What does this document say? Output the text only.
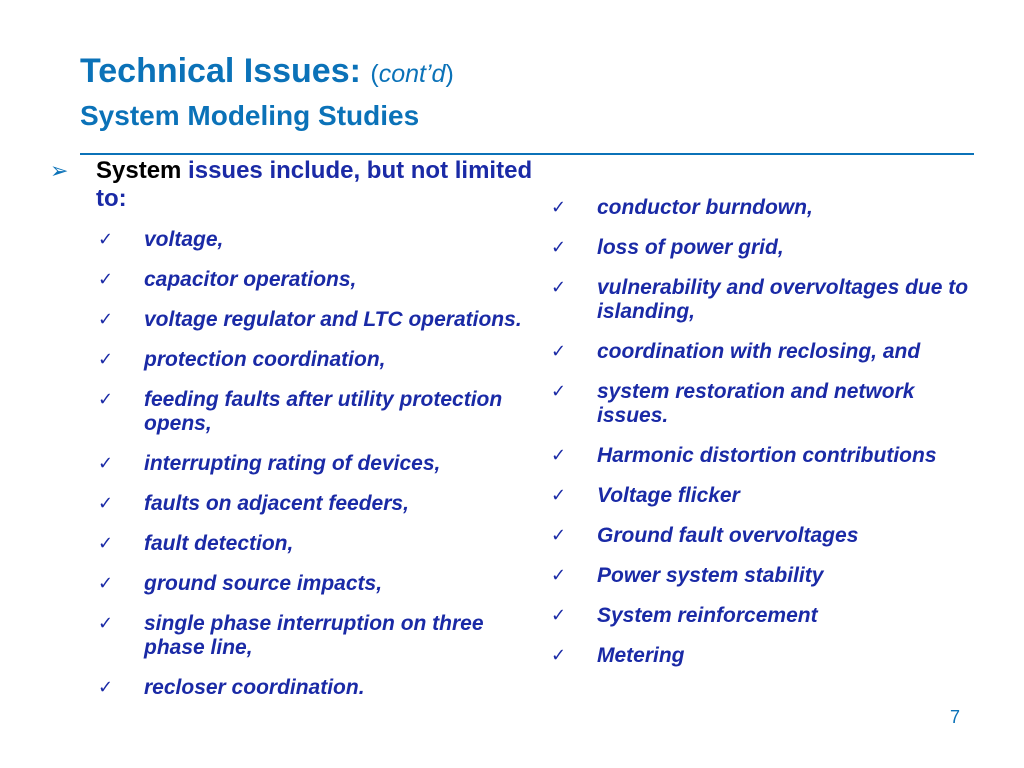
Technical Issues: (cont’d)
System Modeling Studies
➢ System issues include, but not limited to:
✓ voltage,
✓ capacitor operations,
✓ voltage regulator and LTC operations.
✓ protection coordination,
✓ feeding faults after utility protection opens,
✓ interrupting rating of devices,
✓ faults on adjacent feeders,
✓ fault detection,
✓ ground source impacts,
✓ single phase interruption on three phase line,
✓ recloser coordination.
✓ conductor burndown,
✓ loss of power grid,
✓ vulnerability and overvoltages due to islanding,
✓ coordination with reclosing, and
✓ system restoration and network issues.
✓ Harmonic distortion contributions
✓ Voltage flicker
✓ Ground fault overvoltages
✓ Power system stability
✓ System reinforcement
✓ Metering
7
